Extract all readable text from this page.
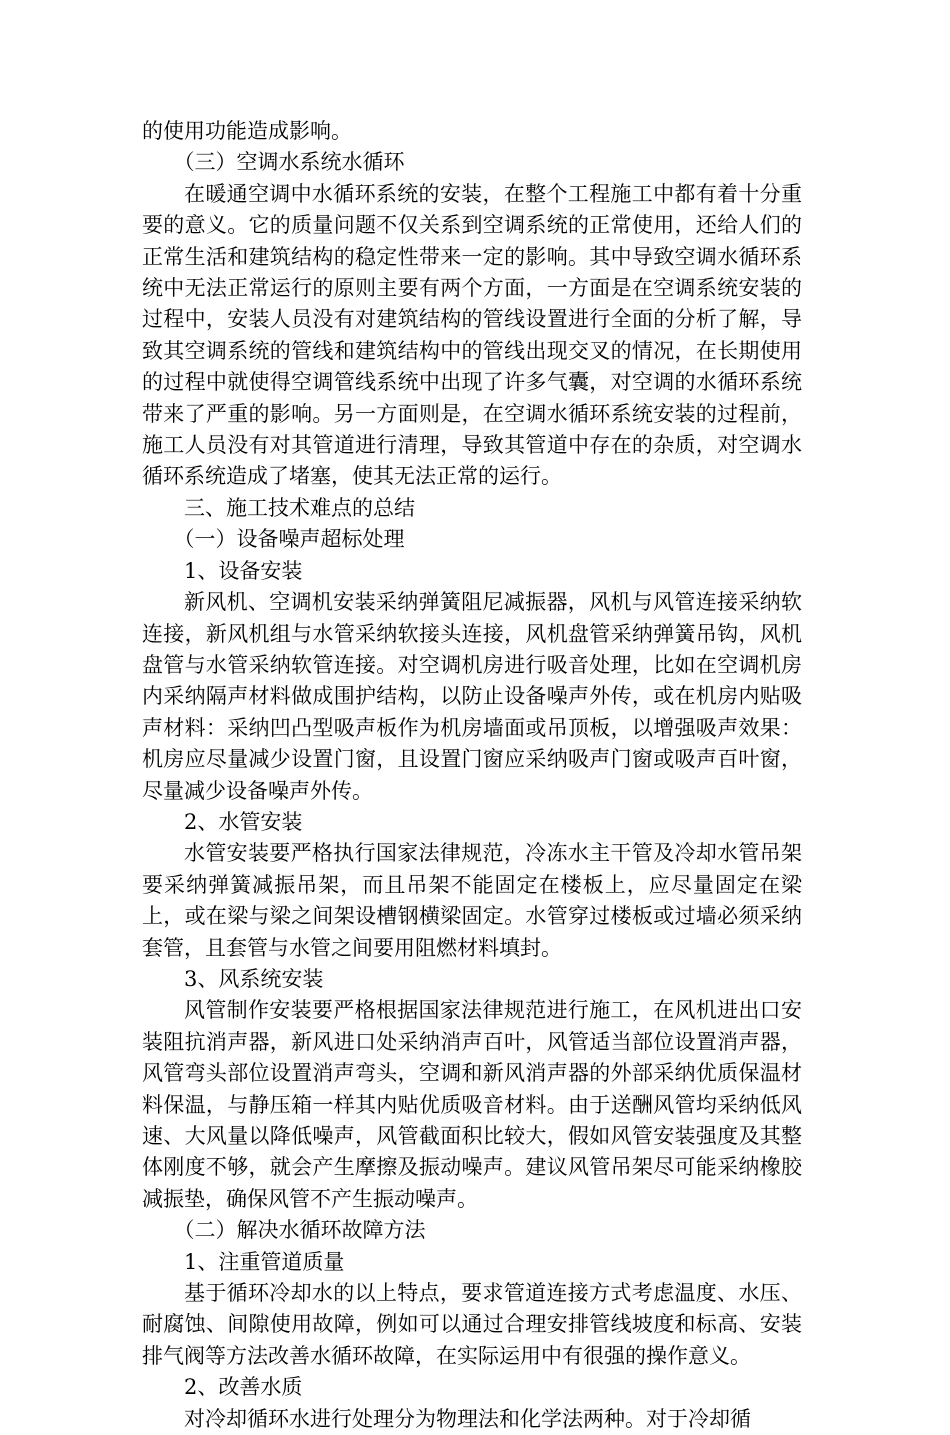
的使用功能造成影响。

（三）空调水系统水循环

在暖通空调中水循环系统的安装，在整个工程施工中都有着十分重要的意义。它的质量问题不仅关系到空调系统的正常使用，还给人们的正常生活和建筑结构的稳定性带来一定的影响。其中导致空调水循环系统中无法正常运行的原则主要有两个方面，一方面是在空调系统安装的过程中，安装人员没有对建筑结构的管线设置进行全面的分析了解，导致其空调系统的管线和建筑结构中的管线出现交叉的情况，在长期使用的过程中就使得空调管线系统中出现了许多气囊，对空调的水循环系统带来了严重的影响。另一方面则是，在空调水循环系统安装的过程前，施工人员没有对其管道进行清理，导致其管道中存在的杂质，对空调水循环系统造成了堵塞，使其无法正常的运行。

三、施工技术难点的总结

（一）设备噪声超标处理

1、设备安装

新风机、空调机安装采纳弹簧阻尼减振器，风机与风管连接采纳软连接，新风机组与水管采纳软接头连接，风机盘管采纳弹簧吊钩，风机盘管与水管采纳软管连接。对空调机房进行吸音处理，比如在空调机房内采纳隔声材料做成围护结构，以防止设备噪声外传，或在机房内贴吸声材料：采纳凹凸型吸声板作为机房墙面或吊顶板，以增强吸声效果：机房应尽量减少设置门窗，且设置门窗应采纳吸声门窗或吸声百叶窗，尽量减少设备噪声外传。

2、水管安装

水管安装要严格执行国家法律规范，冷冻水主干管及冷却水管吊架要采纳弹簧减振吊架，而且吊架不能固定在楼板上，应尽量固定在梁上，或在梁与梁之间架设槽钢横梁固定。水管穿过楼板或过墙必须采纳套管，且套管与水管之间要用阻燃材料填封。

3、风系统安装

风管制作安装要严格根据国家法律规范进行施工，在风机进出口安装阻抗消声器，新风进口处采纳消声百叶，风管适当部位设置消声器，风管弯头部位设置消声弯头，空调和新风消声器的外部采纳优质保温材料保温，与静压箱一样其内贴优质吸音材料。由于送酬风管均采纳低风速、大风量以降低噪声，风管截面积比较大，假如风管安装强度及其整体刚度不够，就会产生摩擦及振动噪声。建议风管吊架尽可能采纳橡胶减振垫，确保风管不产生振动噪声。

（二）解决水循环故障方法

1、注重管道质量

基于循环冷却水的以上特点，要求管道连接方式考虑温度、水压、耐腐蚀、间隙使用故障，例如可以通过合理安排管线坡度和标高、安装排气阀等方法改善水循环故障，在实际运用中有很强的操作意义。

2、改善水质

对冷却循环水进行处理分为物理法和化学法两种。对于冷却循
